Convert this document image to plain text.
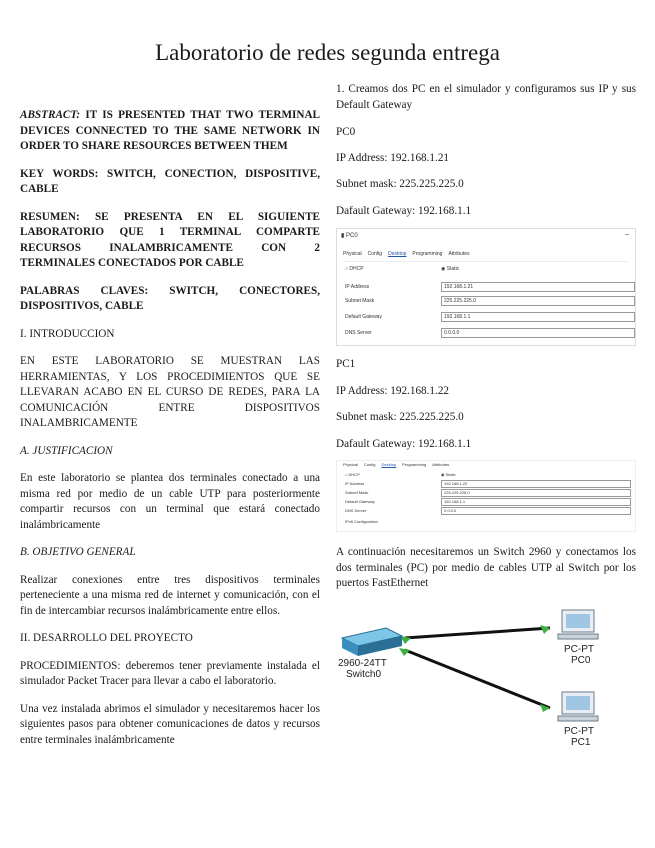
Laboratorio de redes segunda entrega

ABSTRACT: IT IS PRESENTED THAT TWO TERMINAL DEVICES CONNECTED TO THE SAME NETWORK IN ORDER TO SHARE RESOURCES BETWEEN THEM

KEY WORDS: SWITCH, CONECTION, DISPOSITIVE, CABLE

RESUMEN: SE PRESENTA EN EL SIGUIENTE LABORATORIO QUE 1 TERMINAL COMPARTE RECURSOS INALAMBRICAMENTE CON 2 TERMINALES CONECTADOS POR CABLE

PALABRAS CLAVES: SWITCH, CONECTORES, DISPOSITIVOS, CABLE

I. INTRODUCCION

EN ESTE LABORATORIO SE MUESTRAN LAS HERRAMIENTAS, Y LOS PROCEDIMIENTOS QUE SE LLEVARAN ACABO EN EL CURSO DE REDES, PARA LA COMUNICACIÓN ENTRE DISPOSITIVOS INALAMBRICAMENTE

A. JUSTIFICACION

En este laboratorio se plantea dos terminales conectado a una misma red por medio de un cable UTP para posteriormente compartir recursos con un terminal que estará conectado inalámbricamente

B. OBJETIVO GENERAL

Realizar conexiones entre tres dispositivos terminales perteneciente a una misma red de internet y comunicación, con el fin de intercambiar recursos inalámbricamente entre ellos.

II. DESARROLLO DEL PROYECTO

PROCEDIMIENTOS: deberemos tener previamente instalada el simulador Packet Tracer para llevar a cabo el laboratorio.

Una vez instalada abrimos el simulador y necesitaremos hacer los siguientes pasos para obtener comunicaciones de datos y recursos entre terminales inalámbricamente

1. Creamos dos PC en el simulador y configuramos sus IP y sus Default Gateway

PC0

IP Address: 192.168.1.21

Subnet mask: 225.225.225.0

Dafault Gateway: 192.168.1.1

▮ PC0	–
Physical Config Desktop Programming Attributes
○ DHCP	◉ Static
IP Address	192.168.1.21
Subnet Mask	225.225.225.0
Default Gateway	192.168.1.1
DNS Server	0.0.0.0

PC1

IP Address: 192.168.1.22

Subnet mask: 225.225.225.0

Dafault Gateway: 192.168.1.1

Physical Config Desktop Programming Attributes
○ DHCP	◉ Static
IP Address	192.168.1.22
Subnet Mask	225.225.225.0
Default Gateway	192.168.1.1
DNS Server	0.0.0.0
IPv6 Configuration

A continuación necesitaremos un Switch 2960 y conectamos los dos terminales (PC) por medio de cables UTP al Switch por los puertos FastEthernet

2960-24TT
Switch0
PC-PT
PC0
PC-PT
PC1
